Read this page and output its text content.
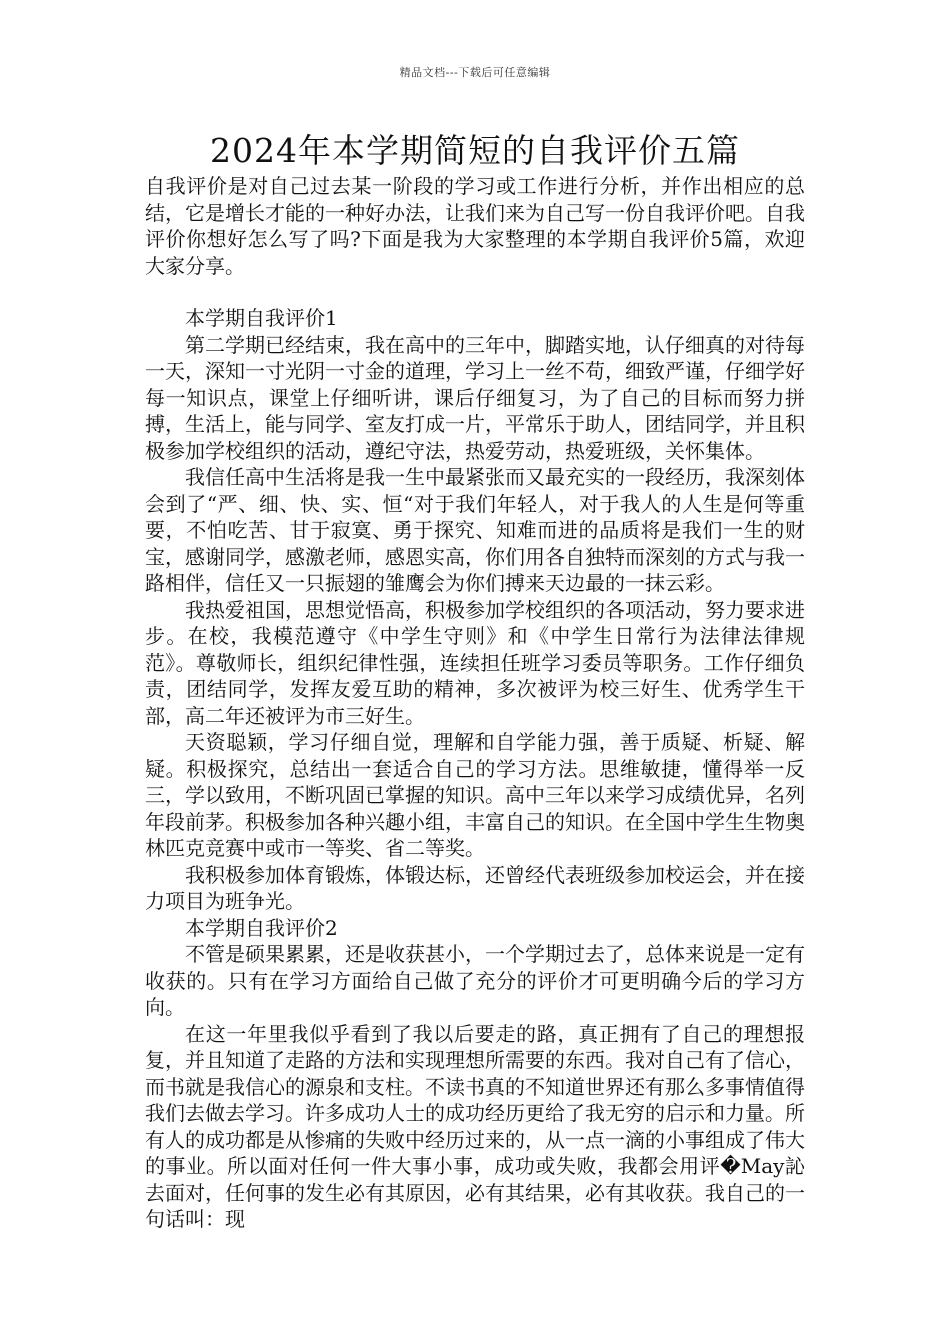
精品文档---下载后可任意编辑
2024年本学期简短的自我评价五篇

自我评价是对自己过去某一阶段的学习或工作进行分析，并作出相应的总结，它是增长才能的一种好办法，让我们来为自己写一份自我评价吧。自我评价你想好怎么写了吗?下面是我为大家整理的本学期自我评价5篇，欢迎大家分享。

本学期自我评价1

第二学期已经结束，我在高中的三年中，脚踏实地，认仔细真的对待每一天，深知一寸光阴一寸金的道理，学习上一丝不苟，细致严谨，仔细学好每一知识点，课堂上仔细听讲，课后仔细复习，为了自己的目标而努力拼搏，生活上，能与同学、室友打成一片，平常乐于助人，团结同学，并且积极参加学校组织的活动，遵纪守法，热爱劳动，热爱班级，关怀集体。

我信任高中生活将是我一生中最紧张而又最充实的一段经历，我深刻体会到了“严、细、快、实、恒“对于我们年轻人，对于我人的人生是何等重要，不怕吃苦、甘于寂寞、勇于探究、知难而进的品质将是我们一生的财宝，感谢同学，感激老师，感恩实高，你们用各自独特而深刻的方式与我一路相伴，信任又一只振翅的雏鹰会为你们搏来天边最的一抹云彩。

我热爱祖国，思想觉悟高，积极参加学校组织的各项活动，努力要求进步。在校，我模范遵守《中学生守则》和《中学生日常行为法律法律规范》。尊敬师长，组织纪律性强，连续担任班学习委员等职务。工作仔细负责，团结同学，发挥友爱互助的精神，多次被评为校三好生、优秀学生干部，高二年还被评为市三好生。

天资聪颖，学习仔细自觉，理解和自学能力强，善于质疑、析疑、解疑。积极探究，总结出一套适合自己的学习方法。思维敏捷，懂得举一反三，学以致用，不断巩固已掌握的知识。高中三年以来学习成绩优异，名列年段前茅。积极参加各种兴趣小组，丰富自己的知识。在全国中学生生物奥林匹克竞赛中或市一等奖、省二等奖。

我积极参加体育锻炼，体锻达标，还曾经代表班级参加校运会，并在接力项目为班争光。

本学期自我评价2

不管是硕果累累，还是收获甚小，一个学期过去了，总体来说是一定有收获的。只有在学习方面给自己做了充分的评价才可更明确今后的学习方向。

在这一年里我似乎看到了我以后要走的路，真正拥有了自己的理想报复，并且知道了走路的方法和实现理想所需要的东西。我对自己有了信心，而书就是我信心的源泉和支柱。不读书真的不知道世界还有那么多事情值得我们去做去学习。许多成功人士的成功经历更给了我无穷的启示和力量。所有人的成功都是从惨痛的失败中经历过来的，从一点一滴的小事组成了伟大的事业。所以面对任何一件大事小事，成功或失败，我都会用评�May訫去面对，任何事的发生必有其原因，必有其结果，必有其收获。我自己的一句话叫：现
